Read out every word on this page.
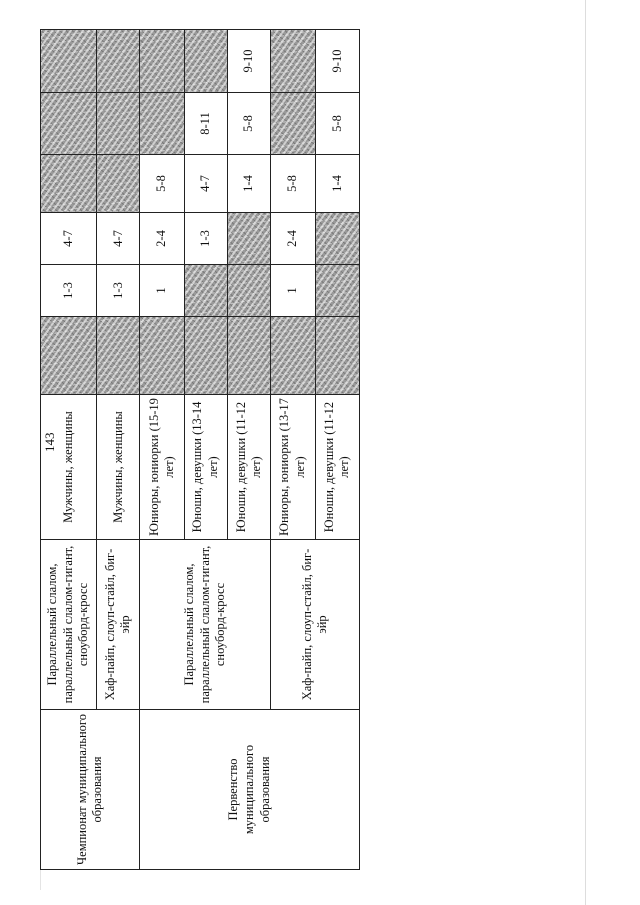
143
Чемпионат муниципального образования	Параллельный слалом, параллельный слалом-гигант, сноуборд-кросс	Мужчины, женщины		1-3	4-7			
	Хаф-пайп, слоуп-стайл, биг-эйр	Мужчины, женщины		1-3	4-7			
Первенство муниципального образования	Параллельный слалом, параллельный слалом-гигант, сноуборд-кросс	Юниоры, юниорки (15-19 лет)		1	2-4	5-8		
		Юноши, девушки (13-14 лет)			1-3	4-7	8-11	
		Юноши, девушки (11-12 лет)				1-4	5-8	9-10
	Хаф-пайп, слоуп-стайл, биг-эйр	Юниоры, юниорки (13-17 лет)		1	2-4	5-8		
		Юноши, девушки (11-12 лет)				1-4	5-8	9-10
